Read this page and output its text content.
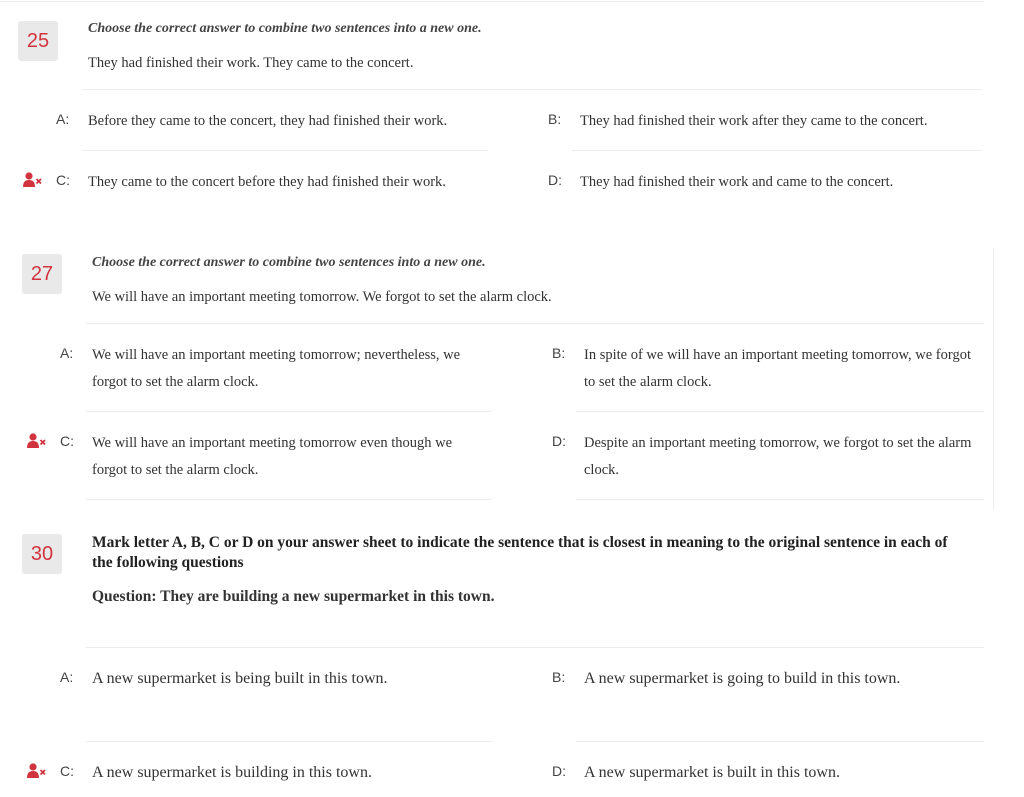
25
Choose the correct answer to combine two sentences into a new one.
They had finished their work. They came to the concert.
A: Before they came to the concert, they had finished their work.	B: They had finished their work after they came to the concert.
C: They came to the concert before they had finished their work.	D: They had finished their work and came to the concert.
27	Choose the correct answer to combine two sentences into a new one.
We will have an important meeting tomorrow. We forgot to set the alarm clock.
A: We will have an important meeting tomorrow; nevertheless, we forgot to set the alarm clock.
B: In spite of we will have an important meeting tomorrow, we forgot to set the alarm clock.
C: We will have an important meeting tomorrow even though we forgot to set the alarm clock.
D: Despite an important meeting tomorrow, we forgot to set the alarm clock.
30	Mark letter A, B, C or D on your answer sheet to indicate the sentence that is closest in meaning to the original sentence in each of the following questions
Question: They are building a new supermarket in this town.
A: A new supermarket is being built in this town.	B: A new supermarket is going to build in this town.
C: A new supermarket is building in this town.	D: A new supermarket is built in this town.
